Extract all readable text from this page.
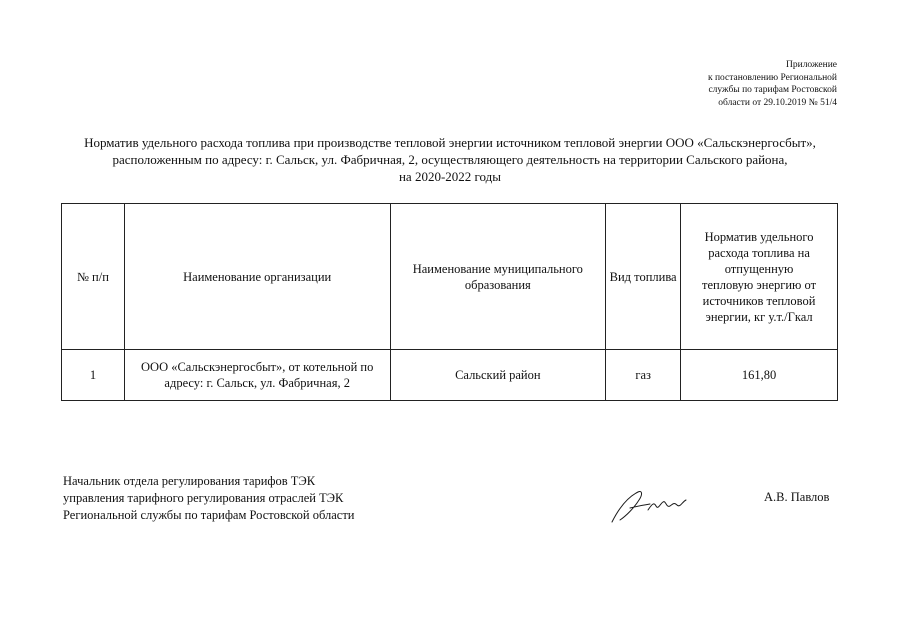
Приложение
к постановлению Региональной
службы по тарифам Ростовской
области от 29.10.2019 № 51/4
Норматив удельного расхода топлива при производстве тепловой энергии источником тепловой энергии ООО «Сальскэнергосбыт»,
расположенным по адресу: г. Сальск, ул. Фабричная, 2, осуществляющего деятельность на территории Сальского района,
на 2020-2022 годы
№ п/п	Наименование организации	Наименование муниципального образования	Вид топлива	Норматив удельного расхода топлива на отпущенную тепловую энергию от источников тепловой энергии, кг у.т./Гкал
1	ООО «Сальскэнергосбыт», от котельной по адресу: г. Сальск, ул. Фабричная, 2	Сальский район	газ	161,80
Начальник отдела регулирования тарифов ТЭК
управления тарифного регулирования отраслей ТЭК
Региональной службы по тарифам Ростовской области
А.В. Павлов
